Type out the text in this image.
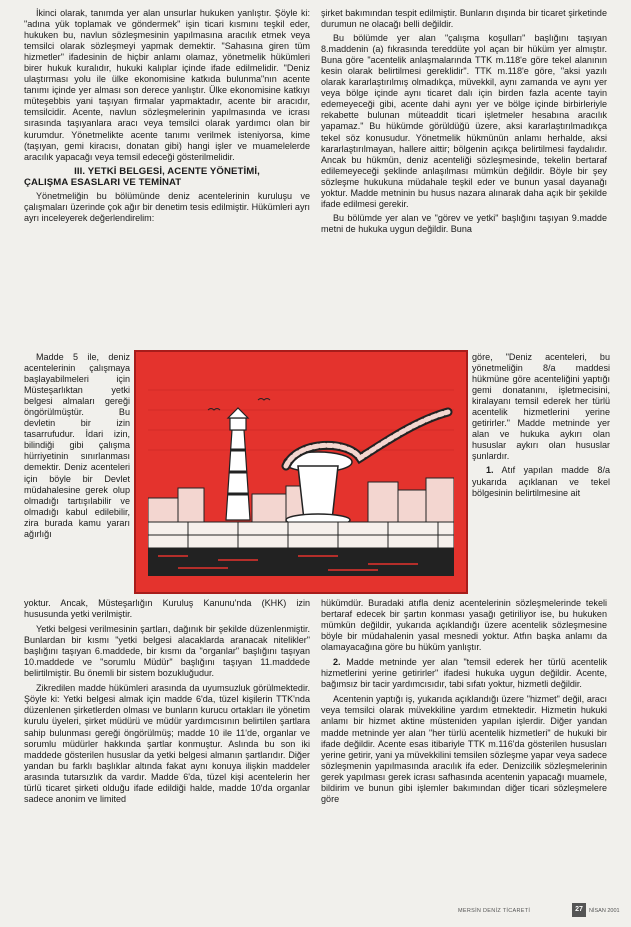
İkinci olarak, tanımda yer alan unsurlar hukuken yanlıştır. Şöyle ki: "adına yük toplamak ve göndermek" işin ticari kısmını teşkil eder, hukuken bu, navlun sözleşmesinin yapılmasına aracılık etmek veya temsilci olarak sözleşmeyi yapmak demektir. "Sahasına giren tüm hizmetler" ifadesinin de hiçbir anlamı olamaz, yönetmelik hükümleri birer hukuk kuralıdır, hukuki kalıplar içinde ifade edilmelidir. "Deniz ulaştırması yolu ile ülke ekonomisine katkıda bulunma"nın acente tanımı içinde yer alması son derece yanlıştır. Ülke ekonomisine katkıyı müteşebbis yani taşıyan firmalar yapmaktadır, acente bir aracıdır, temsilcidir. Acente, navlun sözleşmelerinin yapılmasında ve icrası sırasında taşıyanlara aracı veya temsilci olarak yardımcı olan bir kurumdur. Yönetmelikte acente tanımı verilmek isteniyorsa, kime (taşıyan, gemi kiracısı, donatan gibi) hangi işler ve muamelelerde aracılık yapacağı veya temsil edeceği gösterilmelidir.

III. YETKİ BELGESİ, ACENTE YÖNETİMİ,
ÇALIŞMA ESASLARI VE TEMİNAT

Yönetmeliğin bu bölümünde deniz acentelerinin kuruluşu ve çalışmaları üzerinde çok ağır bir denetim tesis edilmiştir. Hükümleri ayrı ayrı inceleyerek değerlendirelim:

Madde 5 ile, deniz acentelerinin çalışmaya başlayabilmeleri için Müsteşarlıktan yetki belgesi almaları gereği öngörülmüştür. Bu devletin bir izin tasarrufudur. İdari izin, bilindiği gibi çalışma hürriyetinin sınırlanması demektir. Deniz acenteleri için böyle bir Devlet müdahalesine gerek olup olmadığı tartışılabilir ve olmadığı kabul edilebilir, zira burada kamu yararı ağırlığı

yoktur. Ancak, Müsteşarlığın Kuruluş Kanunu'nda (KHK) izin hususunda yetki verilmiştir.

Yetki belgesi verilmesinin şartları, dağınık bir şekilde düzenlenmiştir. Bunlardan bir kısmı "yetki belgesi alacaklarda aranacak nitelikler" başlığını taşıyan 6.maddede, bir kısmı da "organlar" başlığını taşıyan 10.maddede ve "sorumlu Müdür" başlığını taşıyan 11.maddede belirtilmiştir. Bu önemli bir sistem bozukluğudur.

Zikredilen madde hükümleri arasında da uyumsuzluk görülmektedir. Şöyle ki: Yetki belgesi almak için madde 6'da, tüzel kişilerin TTK'nda düzenlenen şirketlerden olması ve bunların kurucu ortakları ile yönetim kurulu üyeleri, şirket müdürü ve müdür yardımcısının belirtilen şartlara sahip bulunması gereği öngörülmüş; madde 10 ile 11'de, organlar ve sorumlu müdürler hakkında şartlar konmuştur. Aslında bu son iki maddede gösterilen hususlar da yetki belgesi almanın şartlarıdır. Diğer yandan bu farklı başlıklar altında fakat aynı konuya ilişkin maddeler arasında tutarsızlık da vardır. Madde 6'da, tüzel kişi acentelerin her türlü ticaret şirketi olduğu ifade edildiği halde, madde 10'da organlar sadece anonim ve limited

şirket bakımından tespit edilmiştir. Bunların dışında bir ticaret şirketinde durumun ne olacağı belli değildir.

Bu bölümde yer alan "çalışma koşulları" başlığını taşıyan 8.maddenin (a) fıkrasında tereddüte yol açan bir hüküm yer almıştır. Buna göre "acentelik anlaşmalarında TTK m.118'e göre tekel alanının kesin olarak belirtilmesi gereklidir". TTK m.118'e göre, "aksi yazılı olarak kararlaştırılmış olmadıkça, müvekkil, aynı zamanda ve aynı yer veya bölge içinde aynı ticaret dalı için birden fazla acente tayin edemeyeceği gibi, acente dahi aynı yer ve bölge içinde birbirleriyle rekabette bulunan müteaddit ticari işletmeler hesabına aracılık yapamaz." Bu hükümde görüldüğü üzere, aksi kararlaştırılmadıkça tekel söz konusudur. Yönetmelik hükmünün anlamı herhalde, aksi kararlaştırılmayan, hallere aittir; bölgenin açıkça belirtilmesi faydalıdır. Ancak bu hükmün, deniz acenteliği sözleşmesinde, tekelin bertaraf edilemeyeceği şeklinde anlaşılması mümkün değildir. Böyle bir şey sözleşme hukukuna müdahale teşkil eder ve bunun yasal dayanağı yoktur. Madde metninin bu husus nazara alınarak daha açık bir şekilde ifade edilmesi gerekir.

Bu bölümde yer alan ve "görev ve yetki" başlığını taşıyan 9.madde metni de hukuka uygun değildir. Buna

göre, "Deniz acenteleri, bu yönetmeliğin 8/a maddesi hükmüne göre acenteliğini yaptığı gemi donatanını, işletmecisini, kiralayanı temsil ederek her türlü acentelik hizmetlerini yerine getirirler." Madde metninde yer alan ve hukuka aykırı olan hususlar aykırı olan hususlar şunlardır.

1. Atıf yapılan madde 8/a yukarıda açıklanan ve tekel bölgesinin belirtilmesine ait

hükümdür. Buradaki atıfla deniz acentelerinin sözleşmelerinde tekeli bertaraf edecek bir şartın konması yasağı getiriliyor ise, bu hukuken mümkün değildir, yukarıda açıklandığı üzere acentelik sözleşmesine böyle bir müdahalenin yasal mesnedi yoktur. Atfın başka anlamı da olamayacağına göre bu hüküm yanlıştır.

2. Madde metninde yer alan "temsil ederek her türlü acentelik hizmetlerini yerine getirirler" ifadesi hukuka uygun değildir. Acente, bağımsız bir tacir yardımcısıdır, tabi sıfatı yoktur, hizmetli değildir.

Acentenin yaptığı iş, yukarıda açıklandığı üzere "hizmet" değil, aracı veya temsilci olarak müvekkiline yardım etmektedir. Hizmetin hukuki anlamı bir hizmet aktine müsteniden yapılan işlerdir. Diğer yandan madde metninde yer alan "her türlü acentelik hizmetleri" de hukuki bir ifade değildir. Acente esas itibariyle TTK m.116'da gösterilen hususları yerine getirir, yani ya müvekkilini temsilen sözleşme yapar veya sadece sözleşmenin yapılmasında aracılık ifa eder. Denizcilik sözleşmelerinin gerek yapılması gerek icrası safhasında acentenin yapacağı muamele, bildirim ve bunun gibi işlemler bakımından diğer ticari sözleşmelere göre

MERSİN DENİZ TİCARETİ	27	NİSAN 2001
